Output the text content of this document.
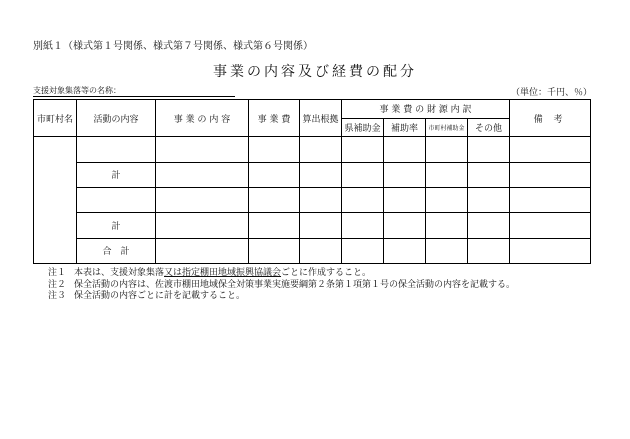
別紙１（様式第１号関係、様式第７号関係、様式第６号関係）
事業の内容及び経費の配分
支援対象集落等の名称：	（単位：千円、％）
市町村名	活動の内容	事 業 の 内 容	事 業 費	算出根拠	事 業 費 の 財 源 内 訳				備 考
					県補助金	補助率	市町村補助金	その他	

	計								

	計								
	合　計								
注１ 本表は、支援対象集落又は指定棚田地域振興協議会ごとに作成すること。
注２ 保全活動の内容は、佐渡市棚田地域保全対策事業実施要綱第２条第１項第１号の保全活動の内容を記載する。
注３ 保全活動の内容ごとに計を記載すること。
